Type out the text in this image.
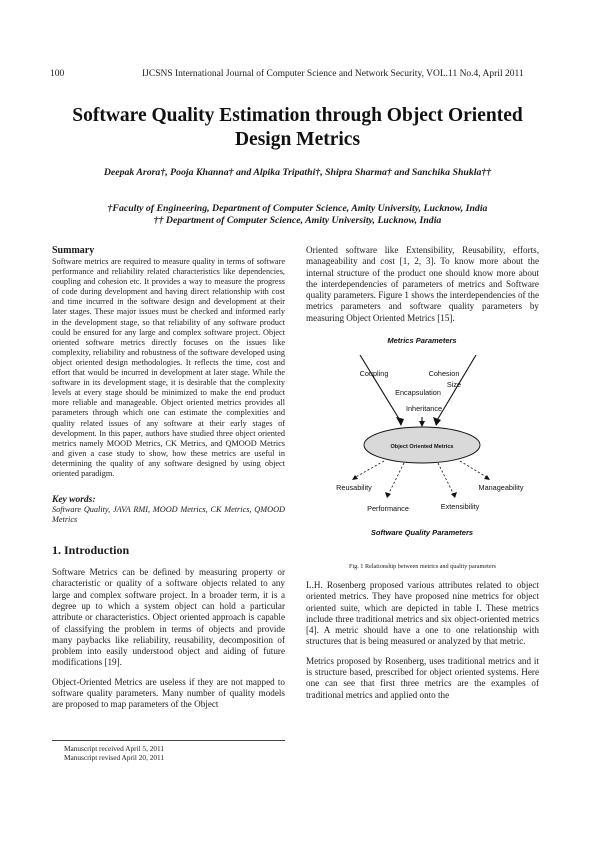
100	IJCSNS International Journal of Computer Science and Network Security, VOL.11 No.4, April 2011
Software Quality Estimation through Object Oriented
Design Metrics
Deepak Arora†, Pooja Khanna† and Alpika Tripathi†, Shipra Sharma† and Sanchika Shukla††
†Faculty of Engineering, Department of Computer Science, Amity University, Lucknow, India
†† Department of Computer Science, Amity University, Lucknow, India
Summary

Software metrics are required to measure quality in terms of software performance and reliability related characteristics like dependencies, coupling and cohesion etc. It provides a way to measure the progress of code during development and having direct relationship with cost and time incurred in the software design and development at their later stages. These major issues must be checked and informed early in the development stage, so that reliability of any software product could be ensured for any large and complex software project. Object oriented software metrics directly focuses on the issues like complexity, reliability and robustness of the software developed using object oriented design methodologies. It reflects the time, cost and effort that would be incurred in development at later stage. While the software in its development stage, it is desirable that the complexity levels at every stage should be minimized to make the end product more reliable and manageable. Object oriented metrics provides all parameters through which one can estimate the complexities and quality related issues of any software at their early stages of development. In this paper, authors have studied three object oriented metrics namely MOOD Metrics, CK Metrics, and QMOOD Metrics and given a case study to show, how these metrics are useful in determining the quality of any software designed by using object oriented paradigm.

Key words:
Software Quality, JAVA RMI, MOOD Metrics, CK Metrics, QMOOD Metrics
1. Introduction

Software Metrics can be defined by measuring property or characteristic or quality of a software objects related to any large and complex software project. In a broader term, it is a degree up to which a system object can hold a particular attribute or characteristics. Object oriented approach is capable of classifying the problem in terms of objects and provide many paybacks like reliability, reusability, decomposition of problem into easily understood object and aiding of future modifications [19].

Object-Oriented Metrics are useless if they are not mapped to software quality parameters. Many number of quality models are proposed to map parameters of the Object

Manuscript received April 5, 2011
Manuscript revised April 20, 2011

Oriented software like Extensibility, Reusability, efforts, manageability and cost [1, 2, 3]. To know more about the internal structure of the product one should know more about the interdependencies of parameters of metrics and Software quality parameters. Figure 1 shows the interdependencies of the metrics parameters and software quality parameters by measuring Object Oriented Metrics [15].

Metrics Parameters
Coupling	Cohesion
Size
Encapsulation
Inheritance
Object Oriented Metrics
Reusability	Manageability
Performance	Extensibility
Software Quality Parameters
Fig. 1 Relationship between metrics and quality parameters

L.H. Rosenberg proposed various attributes related to object oriented metrics. They have proposed nine metrics for object oriented suite, which are depicted in table I. These metrics include three traditional metrics and six object-oriented metrics [4]. A metric should have a one to one relationship with structures that is being measured or analyzed by that metric.

Metrics proposed by Rosenberg, uses traditional metrics and it is structure based, prescribed for object oriented systems. Here one can see that first three metrics are the examples of traditional metrics and applied onto the
